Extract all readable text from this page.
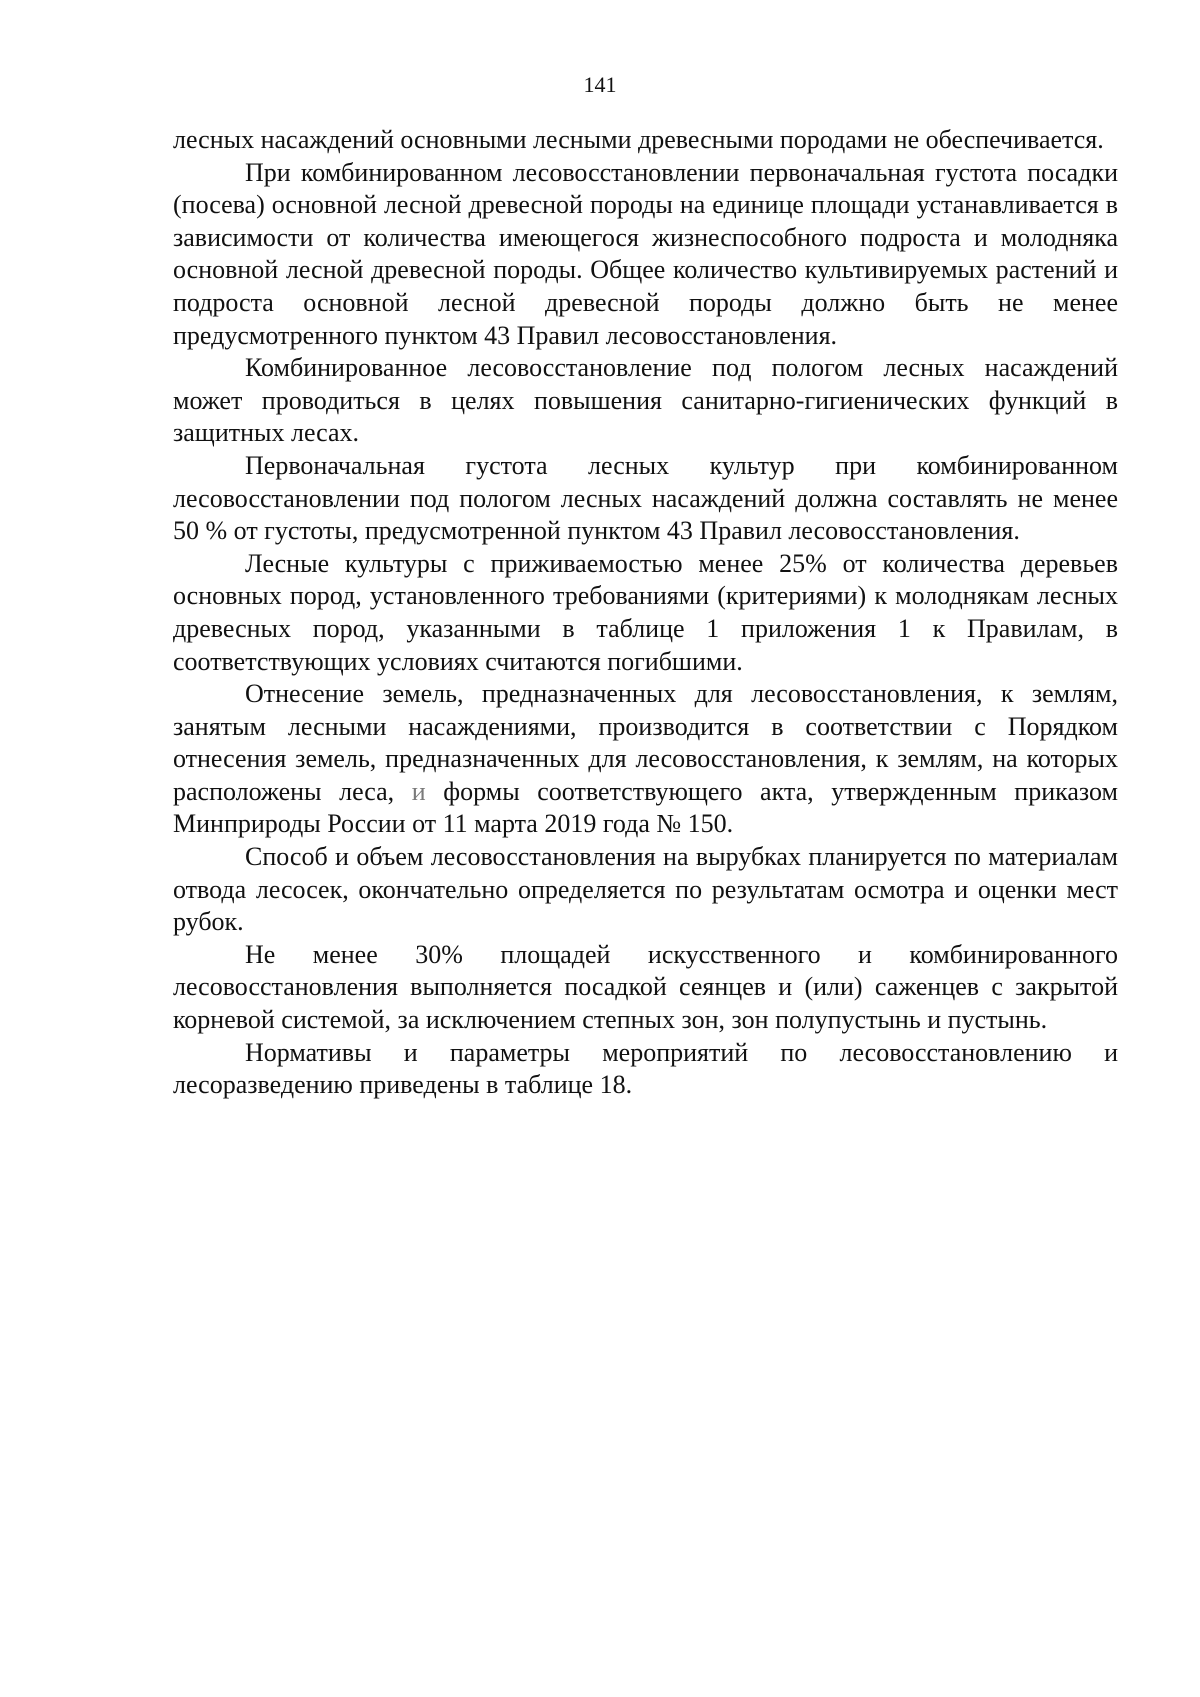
141

лесных насаждений основными лесными древесными породами не обеспечивается.

При комбинированном лесовосстановлении первоначальная густота посадки (посева) основной лесной древесной породы на единице площади устанавливается в зависимости от количества имеющегося жизнеспособного подроста и молодняка основной лесной древесной породы. Общее количество культивируемых растений и подроста основной лесной древесной породы должно быть не менее предусмотренного пунктом 43 Правил лесовосстановления.

Комбинированное лесовосстановление под пологом лесных насаждений может проводиться в целях повышения санитарно-гигиенических функций в защитных лесах.

Первоначальная густота лесных культур при комбинированном лесовосстановлении под пологом лесных насаждений должна составлять не менее 50 % от густоты, предусмотренной пунктом 43 Правил лесовосстановления.

Лесные культуры с приживаемостью менее 25% от количества деревьев основных пород, установленного требованиями (критериями) к молоднякам лесных древесных пород, указанными в таблице 1 приложения 1 к Правилам, в соответствующих условиях считаются погибшими.

Отнесение земель, предназначенных для лесовосстановления, к землям, занятым лесными насаждениями, производится в соответствии с Порядком отнесения земель, предназначенных для лесовосстановления, к землям, на которых расположены леса, и формы соответствующего акта, утвержденным приказом Минприроды России от 11 марта 2019 года № 150.

Способ и объем лесовосстановления на вырубках планируется по материалам отвода лесосек, окончательно определяется по результатам осмотра и оценки мест рубок.

Не менее 30% площадей искусственного и комбинированного лесовосстановления выполняется посадкой сеянцев и (или) саженцев с закрытой корневой системой, за исключением степных зон, зон полупустынь и пустынь.

Нормативы и параметры мероприятий по лесовосстановлению и лесоразведению приведены в таблице 18.
